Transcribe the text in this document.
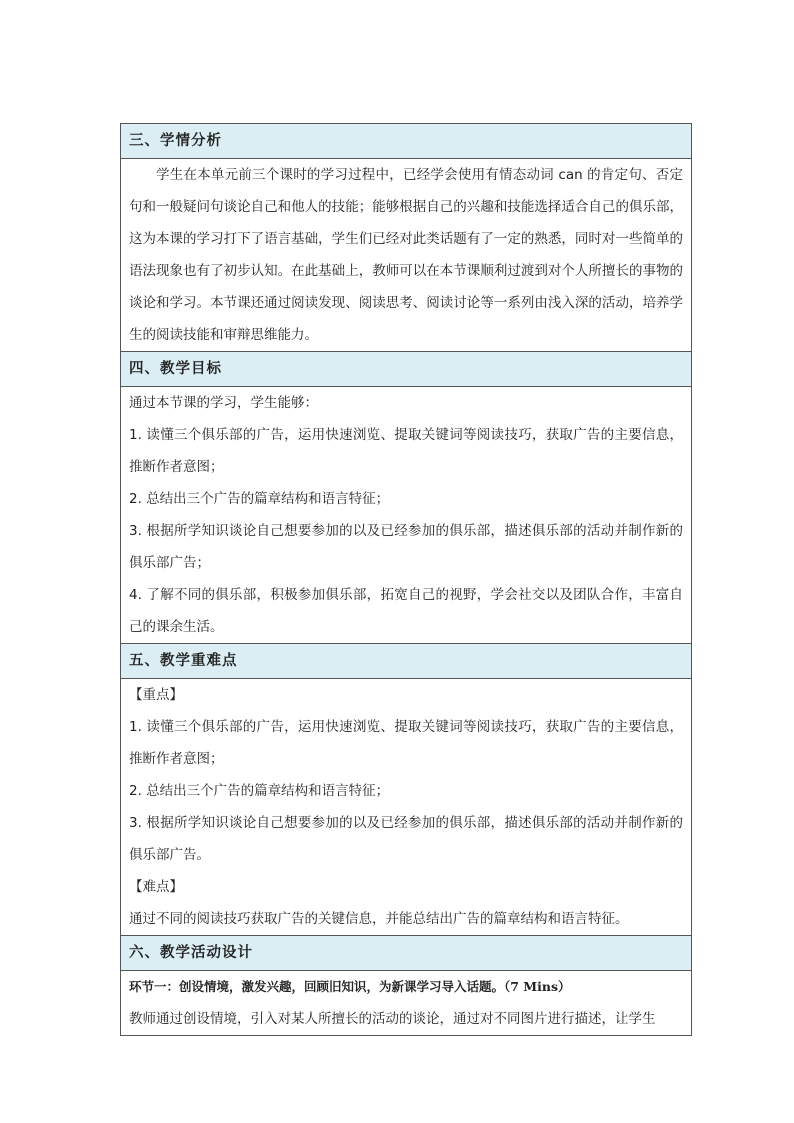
三、学情分析

学生在本单元前三个课时的学习过程中，已经学会使用有情态动词 can 的肯定句、否定句和一般疑问句谈论自己和他人的技能；能够根据自己的兴趣和技能选择适合自己的俱乐部，这为本课的学习打下了语言基础，学生们已经对此类话题有了一定的熟悉，同时对一些简单的语法现象也有了初步认知。在此基础上，教师可以在本节课顺利过渡到对个人所擅长的事物的谈论和学习。本节课还通过阅读发现、阅读思考、阅读讨论等一系列由浅入深的活动，培养学生的阅读技能和审辩思维能力。

四、教学目标

通过本节课的学习，学生能够：

1. 读懂三个俱乐部的广告，运用快速浏览、提取关键词等阅读技巧，获取广告的主要信息，推断作者意图；

2. 总结出三个广告的篇章结构和语言特征；

3. 根据所学知识谈论自己想要参加的以及已经参加的俱乐部，描述俱乐部的活动并制作新的俱乐部广告；

4. 了解不同的俱乐部，积极参加俱乐部，拓宽自己的视野，学会社交以及团队合作，丰富自己的课余生活。

五、教学重难点

【重点】

1. 读懂三个俱乐部的广告，运用快速浏览、提取关键词等阅读技巧，获取广告的主要信息，推断作者意图；

2. 总结出三个广告的篇章结构和语言特征；

3. 根据所学知识谈论自己想要参加的以及已经参加的俱乐部，描述俱乐部的活动并制作新的俱乐部广告。

【难点】

通过不同的阅读技巧获取广告的关键信息，并能总结出广告的篇章结构和语言特征。

六、教学活动设计

环节一：创设情境，激发兴趣，回顾旧知识，为新课学习导入话题。（7 Mins）

教师通过创设情境，引入对某人所擅长的活动的谈论，通过对不同图片进行描述，让学生
